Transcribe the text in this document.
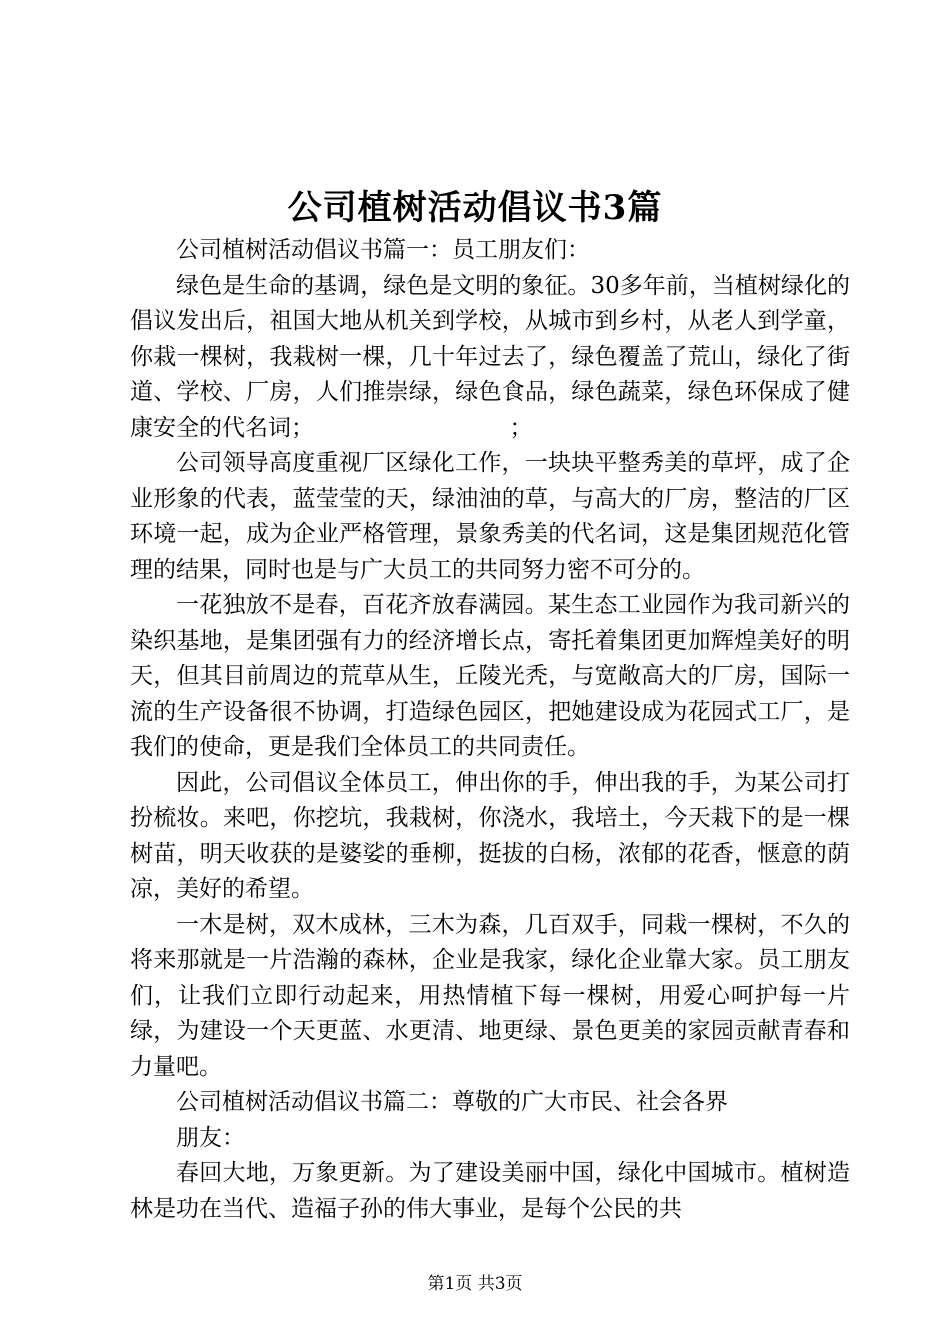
公司植树活动倡议书3篇

公司植树活动倡议书篇一：员工朋友们：

绿色是生命的基调，绿色是文明的象征。30多年前，当植树绿化的倡议发出后，祖国大地从机关到学校，从城市到乡村，从老人到学童，你栽一棵树，我栽树一棵，几十年过去了，绿色覆盖了荒山，绿化了街道、学校、厂房，人们推崇绿，绿色食品，绿色蔬菜，绿色环保成了健康安全的代名词；　　　　　　　　　；

公司领导高度重视厂区绿化工作，一块块平整秀美的草坪，成了企业形象的代表，蓝莹莹的天，绿油油的草，与高大的厂房，整洁的厂区环境一起，成为企业严格管理，景象秀美的代名词，这是集团规范化管理的结果，同时也是与广大员工的共同努力密不可分的。

一花独放不是春，百花齐放春满园。某生态工业园作为我司新兴的染织基地，是集团强有力的经济增长点，寄托着集团更加辉煌美好的明天，但其目前周边的荒草从生，丘陵光秃，与宽敞高大的厂房，国际一流的生产设备很不协调，打造绿色园区，把她建设成为花园式工厂，是我们的使命，更是我们全体员工的共同责任。

因此，公司倡议全体员工，伸出你的手，伸出我的手，为某公司打扮梳妆。来吧，你挖坑，我栽树，你浇水，我培土，今天栽下的是一棵树苗，明天收获的是婆娑的垂柳，挺拔的白杨，浓郁的花香，惬意的荫凉，美好的希望。

一木是树，双木成林，三木为森，几百双手，同栽一棵树，不久的将来那就是一片浩瀚的森林，企业是我家，绿化企业靠大家。员工朋友们，让我们立即行动起来，用热情植下每一棵树，用爱心呵护每一片绿，为建设一个天更蓝、水更清、地更绿、景色更美的家园贡献青春和力量吧。

公司植树活动倡议书篇二：尊敬的广大市民、社会各界

朋友：

春回大地，万象更新。为了建设美丽中国，绿化中国城市。植树造林是功在当代、造福子孙的伟大事业，是每个公民的共

第1页 共3页
